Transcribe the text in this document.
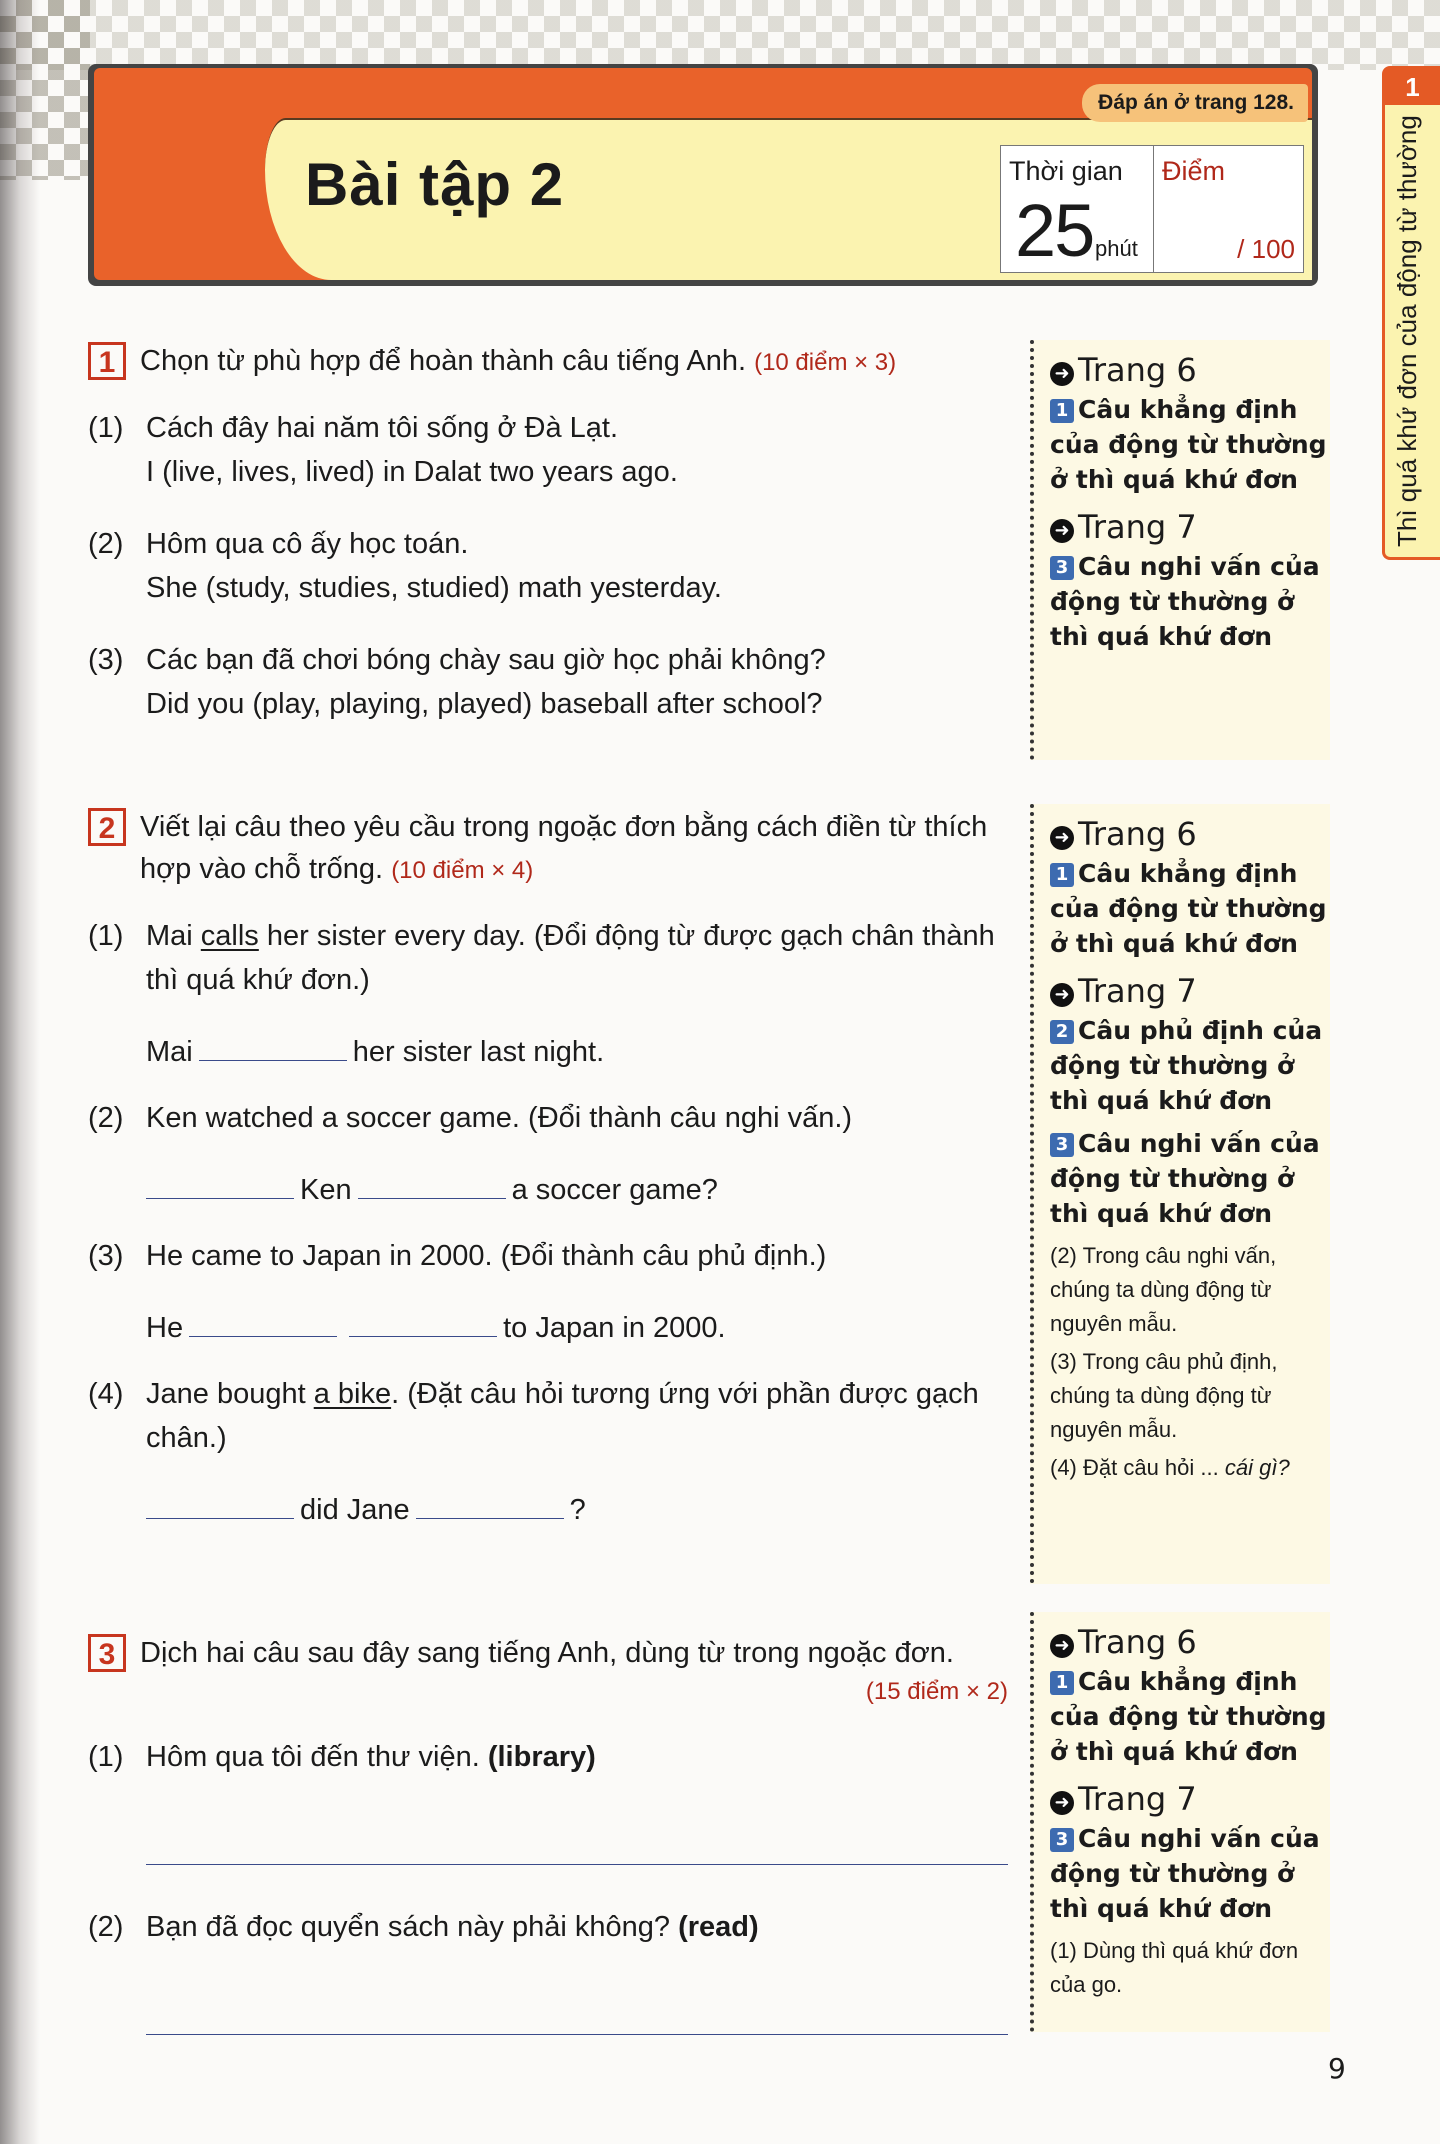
Đáp án ở trang 128.
Bài tập 2	Thời gian
25 phút
Điểm
/ 100
1
Thì quá khứ đơn của động từ thường
1 Chọn từ phù hợp để hoàn thành câu tiếng Anh. (10 điểm × 3)
(1) Cách đây hai năm tôi sống ở Đà Lạt.
I (live, lives, lived) in Dalat two years ago.
(2) Hôm qua cô ấy học toán.
She (study, studies, studied) math yesterday.
(3) Các bạn đã chơi bóng chày sau giờ học phải không?
Did you (play, playing, played) baseball after school?
2 Viết lại câu theo yêu cầu trong ngoặc đơn bằng cách điền từ thích hợp vào chỗ trống. (10 điểm × 4)
(1) Mai calls her sister every day. (Đổi động từ được gạch chân thành thì quá khứ đơn.)
Mai	her sister last night.
(2) Ken watched a soccer game. (Đổi thành câu nghi vấn.)
Ken	a soccer game?
(3) He came to Japan in 2000. (Đổi thành câu phủ định.)
He	to Japan in 2000.
(4) Jane bought a bike. (Đặt câu hỏi tương ứng với phần được gạch chân.)
did Jane	?
3 Dịch hai câu sau đây sang tiếng Anh, dùng từ trong ngoặc đơn.
(15 điểm × 2)
(1) Hôm qua tôi đến thư viện. (library)
(2) Bạn đã đọc quyển sách này phải không? (read)
➜ Trang 6
1 Câu khẳng định của động từ thường ở thì quá khứ đơn
➜ Trang 7
3 Câu nghi vấn của động từ thường ở thì quá khứ đơn
➜ Trang 6
1 Câu khẳng định của động từ thường ở thì quá khứ đơn
➜ Trang 7
2 Câu phủ định của động từ thường ở thì quá khứ đơn
3 Câu nghi vấn của động từ thường ở thì quá khứ đơn
(2) Trong câu nghi vấn, chúng ta dùng động từ nguyên mẫu.
(3) Trong câu phủ định, chúng ta dùng động từ nguyên mẫu.
(4) Đặt câu hỏi ... cái gì?
➜ Trang 6
1 Câu khẳng định của động từ thường ở thì quá khứ đơn
➜ Trang 7
3 Câu nghi vấn của động từ thường ở thì quá khứ đơn
(1) Dùng thì quá khứ đơn của go.
9
